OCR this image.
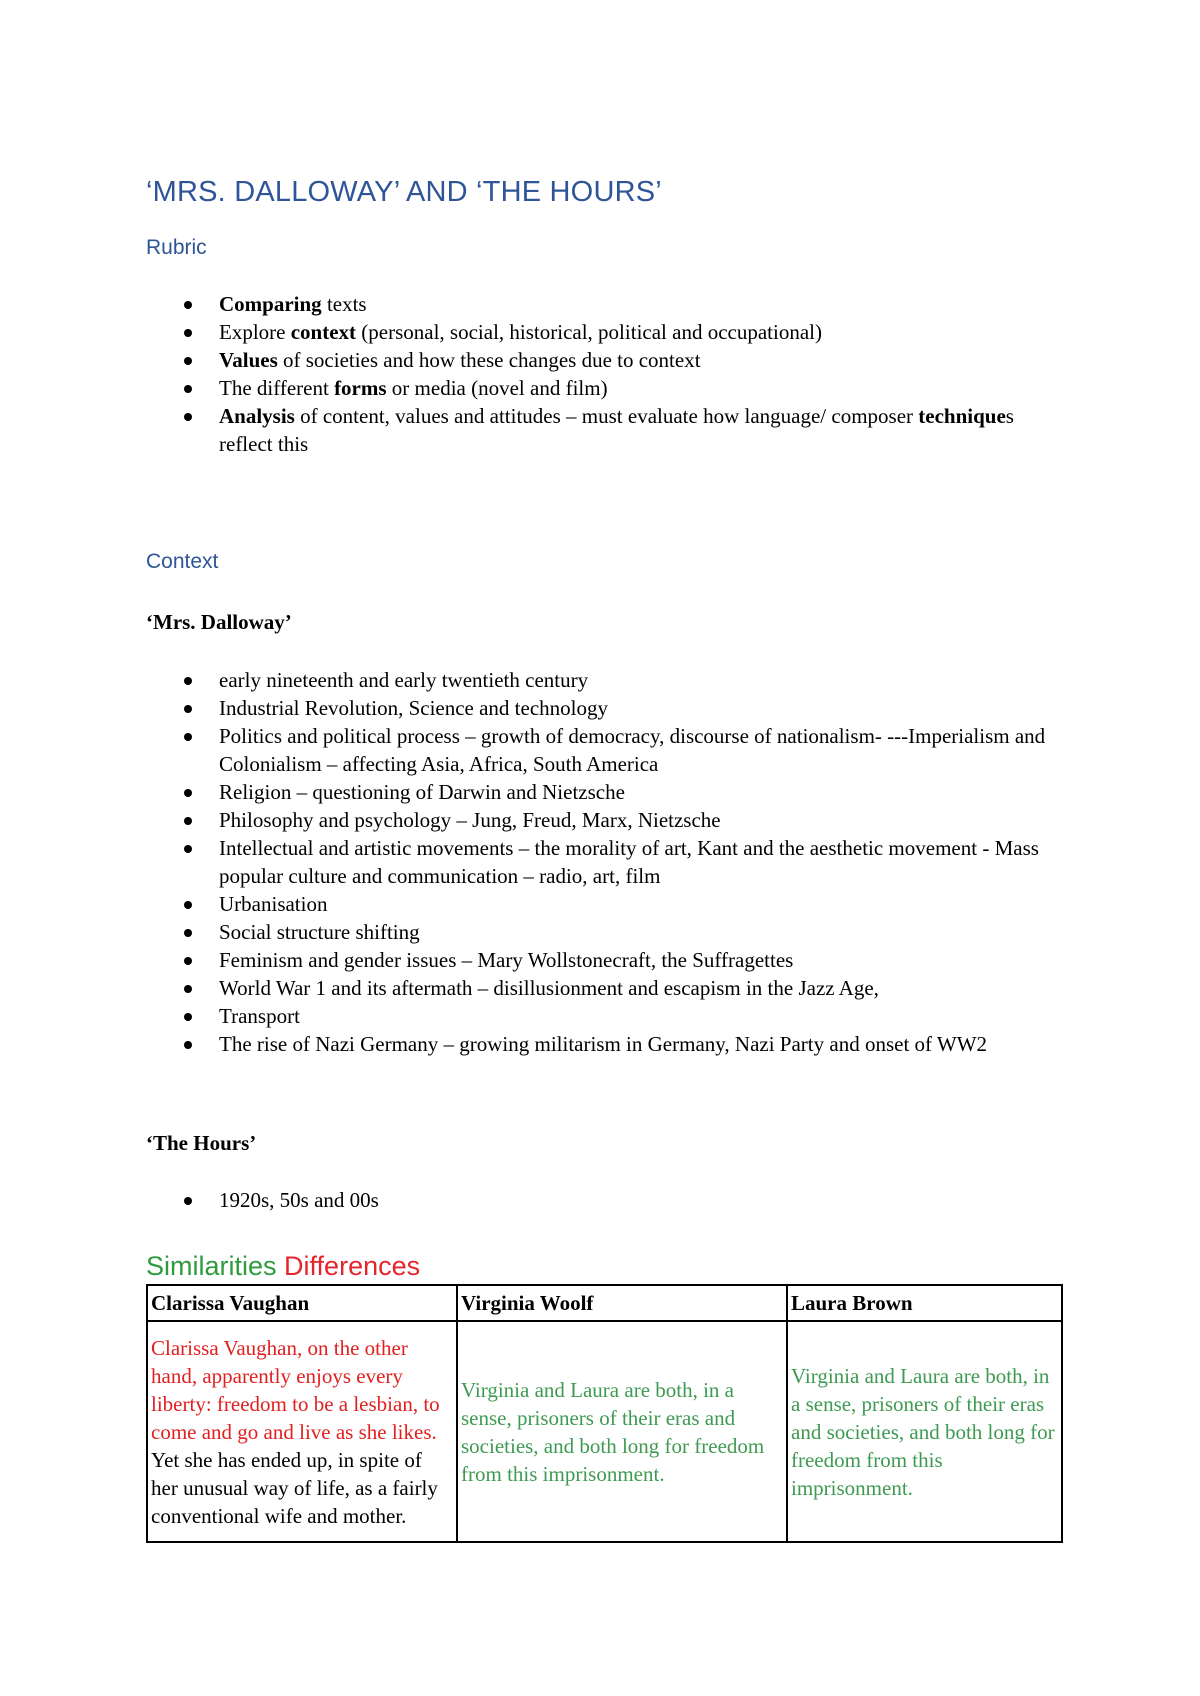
‘MRS. DALLOWAY’ AND ‘THE HOURS’
Rubric
Comparing texts
Explore context (personal, social, historical, political and occupational)
Values of societies and how these changes due to context
The different forms or media (novel and film)
Analysis of content, values and attitudes – must evaluate how language/ composer techniques reflect this
Context
‘Mrs. Dalloway’
early nineteenth and early twentieth century
Industrial Revolution, Science and technology
Politics and political process – growth of democracy, discourse of nationalism- ---Imperialism and Colonialism – affecting Asia, Africa, South America
Religion – questioning of Darwin and Nietzsche
Philosophy and psychology – Jung, Freud, Marx, Nietzsche
Intellectual and artistic movements – the morality of art, Kant and the aesthetic movement - Mass popular culture and communication – radio, art, film
Urbanisation
Social structure shifting
Feminism and gender issues – Mary Wollstonecraft, the Suffragettes
World War 1 and its aftermath – disillusionment and escapism in the Jazz Age,
Transport
The rise of Nazi Germany – growing militarism in Germany, Nazi Party and onset of WW2
‘The Hours’
1920s, 50s and 00s
Similarities Differences
Clarissa Vaughan	Virginia Woolf	Laura Brown
Clarissa Vaughan, on the other hand, apparently enjoys every liberty: freedom to be a lesbian, to come and go and live as she likes. Yet she has ended up, in spite of her unusual way of life, as a fairly conventional wife and mother.	Virginia and Laura are both, in a sense, prisoners of their eras and societies, and both long for freedom from this imprisonment.	Virginia and Laura are both, in a sense, prisoners of their eras and societies, and both long for freedom from this imprisonment.
